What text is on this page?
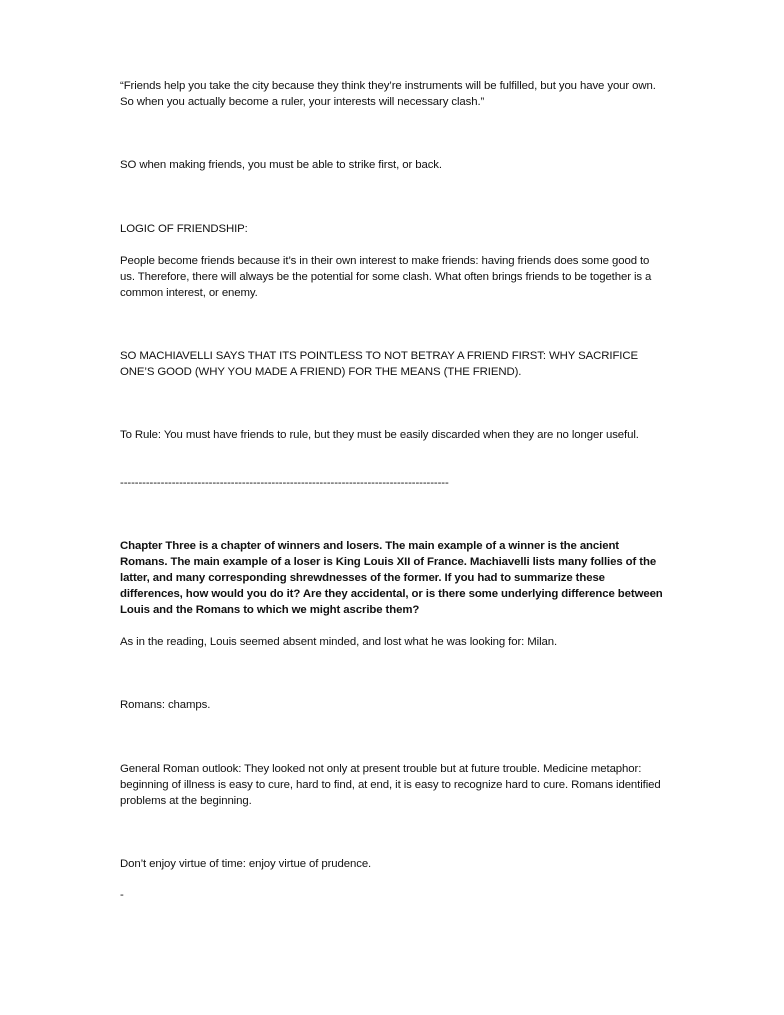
“Friends help you take the city because they think they’re instruments will be fulfilled, but you have your own. So when you actually become a ruler, your interests will necessary clash.”

SO when making friends, you must be able to strike first, or back.

LOGIC OF FRIENDSHIP:

People become friends because it’s in their own interest to make friends: having friends does some good to us. Therefore, there will always be the potential for some clash. What often brings friends to be together is a common interest, or enemy.

SO MACHIAVELLI SAYS THAT ITS POINTLESS TO NOT BETRAY A FRIEND FIRST: WHY SACRIFICE ONE’S GOOD (WHY YOU MADE A FRIEND) FOR THE MEANS (THE FRIEND).

To Rule: You must have friends to rule, but they must be easily discarded when they are no longer useful.

-----------------------------------------------------------------------------------------

Chapter Three is a chapter of winners and losers. The main example of a winner is the ancient Romans. The main example of a loser is King Louis XII of France. Machiavelli lists many follies of the latter, and many corresponding shrewdnesses of the former. If you had to summarize these differences, how would you do it? Are they accidental, or is there some underlying difference between Louis and the Romans to which we might ascribe them?

As in the reading, Louis seemed absent minded, and lost what he was looking for: Milan.

Romans: champs.

General Roman outlook: They looked not only at present trouble but at future trouble. Medicine metaphor: beginning of illness is easy to cure, hard to find, at end, it is easy to recognize hard to cure. Romans identified problems at the beginning.

Don’t enjoy virtue of time: enjoy virtue of prudence.

-
